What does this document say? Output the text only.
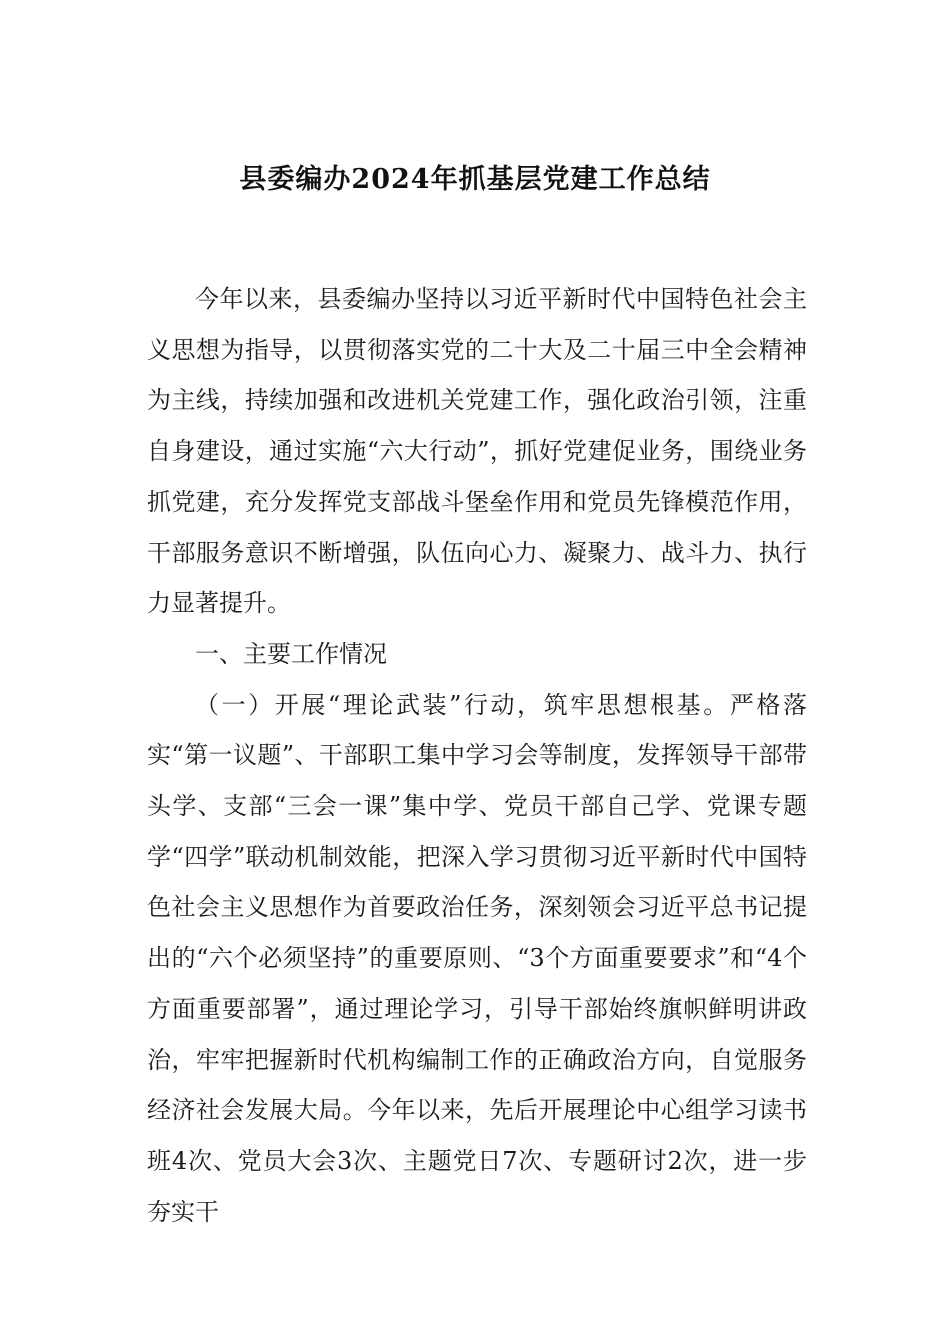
县委编办2024年抓基层党建工作总结

今年以来，县委编办坚持以习近平新时代中国特色社会主义思想为指导，以贯彻落实党的二十大及二十届三中全会精神为主线，持续加强和改进机关党建工作，强化政治引领，注重自身建设，通过实施“六大行动”，抓好党建促业务，围绕业务抓党建，充分发挥党支部战斗堡垒作用和党员先锋模范作用，干部服务意识不断增强，队伍向心力、凝聚力、战斗力、执行力显著提升。

一、主要工作情况

（一）开展“理论武装”行动，筑牢思想根基。严格落实“第一议题”、干部职工集中学习会等制度，发挥领导干部带头学、支部“三会一课”集中学、党员干部自己学、党课专题学“四学”联动机制效能，把深入学习贯彻习近平新时代中国特色社会主义思想作为首要政治任务，深刻领会习近平总书记提出的“六个必须坚持”的重要原则、“3个方面重要要求”和“4个方面重要部署”，通过理论学习，引导干部始终旗帜鲜明讲政治，牢牢把握新时代机构编制工作的正确政治方向，自觉服务经济社会发展大局。今年以来，先后开展理论中心组学习读书班4次、党员大会3次、主题党日7次、专题研讨2次，进一步夯实干
